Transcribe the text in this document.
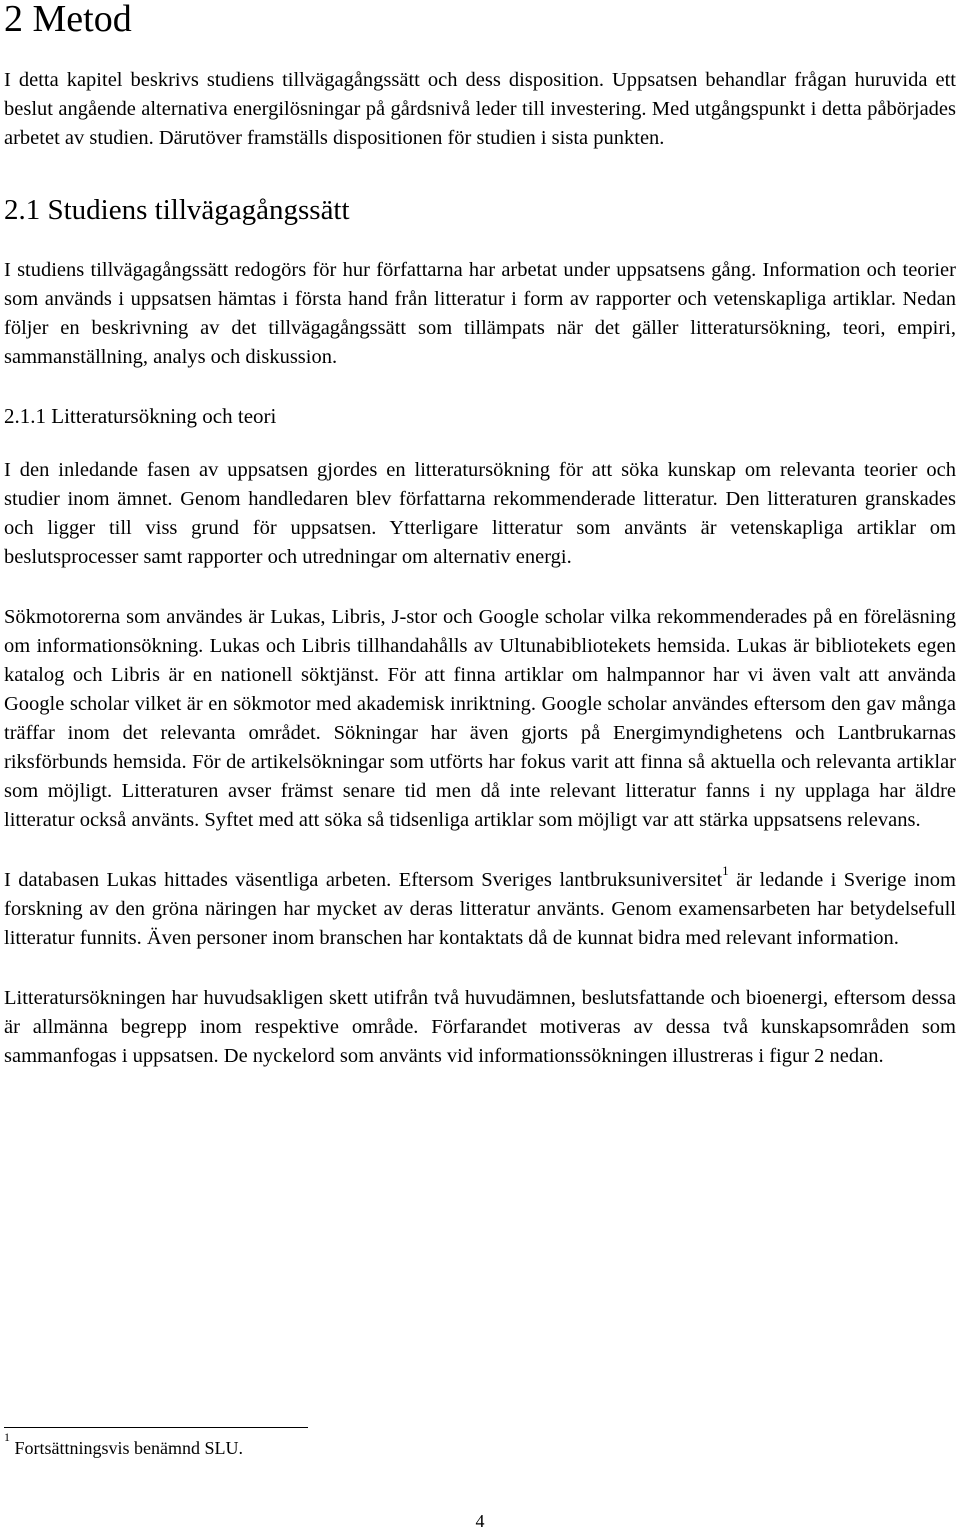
2 Metod

I detta kapitel beskrivs studiens tillvägagångssätt och dess disposition. Uppsatsen behandlar frågan huruvida ett beslut angående alternativa energilösningar på gårdsnivå leder till investering. Med utgångspunkt i detta påbörjades arbetet av studien. Därutöver framställs dispositionen för studien i sista punkten.

2.1 Studiens tillvägagångssätt

I studiens tillvägagångssätt redogörs för hur författarna har arbetat under uppsatsens gång. Information och teorier som används i uppsatsen hämtas i första hand från litteratur i form av rapporter och vetenskapliga artiklar. Nedan följer en beskrivning av det tillvägagångssätt som tillämpats när det gäller litteratursökning, teori, empiri, sammanställning, analys och diskussion.

2.1.1 Litteratursökning och teori

I den inledande fasen av uppsatsen gjordes en litteratursökning för att söka kunskap om relevanta teorier och studier inom ämnet. Genom handledaren blev författarna rekommenderade litteratur. Den litteraturen granskades och ligger till viss grund för uppsatsen. Ytterligare litteratur som använts är vetenskapliga artiklar om beslutsprocesser samt rapporter och utredningar om alternativ energi.

Sökmotorerna som användes är Lukas, Libris, J-stor och Google scholar vilka rekommenderades på en föreläsning om informationsökning. Lukas och Libris tillhandahålls av Ultunabibliotekets hemsida. Lukas är bibliotekets egen katalog och Libris är en nationell söktjänst. För att finna artiklar om halmpannor har vi även valt att använda Google scholar vilket är en sökmotor med akademisk inriktning. Google scholar användes eftersom den gav många träffar inom det relevanta området. Sökningar har även gjorts på Energimyndighetens och Lantbrukarnas riksförbunds hemsida. För de artikelsökningar som utförts har fokus varit att finna så aktuella och relevanta artiklar som möjligt. Litteraturen avser främst senare tid men då inte relevant litteratur fanns i ny upplaga har äldre litteratur också använts. Syftet med att söka så tidsenliga artiklar som möjligt var att stärka uppsatsens relevans.

I databasen Lukas hittades väsentliga arbeten. Eftersom Sveriges lantbruksuniversitet$^1$ är ledande i Sverige inom forskning av den gröna näringen har mycket av deras litteratur använts. Genom examensarbeten har betydelsefull litteratur funnits. Även personer inom branschen har kontaktats då de kunnat bidra med relevant information.

Litteratursökningen har huvudsakligen skett utifrån två huvudämnen, beslutsfattande och bioenergi, eftersom dessa är allmänna begrepp inom respektive område. Förfarandet motiveras av dessa två kunskapsområden som sammanfogas i uppsatsen. De nyckelord som använts vid informationssökningen illustreras i figur 2 nedan.

$^1$ Fortsättningsvis benämnd SLU.
4
